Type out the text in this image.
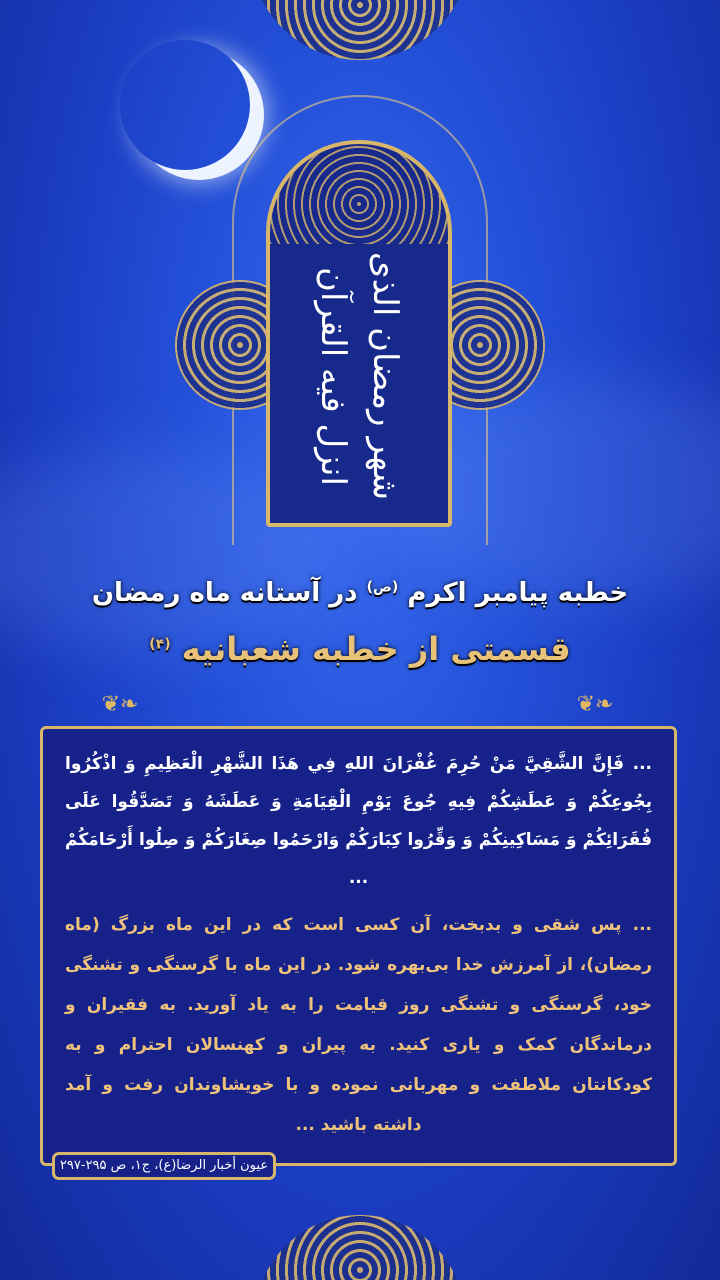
شهر رمضان الذی انزل فیه القرآن
خطبه پیامبر اکرم $^{(ص)}$ در آستانه ماه رمضان
قسمتی از خطبه شعبانیه $^{(۴)}$
❦❧	❦❧

... فَإِنَّ الشَّقِيَّ مَنْ حُرِمَ غُفْرَانَ اللهِ فِي هَذَا الشَّهْرِ الْعَظِيمِ وَ اذْكُرُوا بِجُوعِكُمْ وَ عَطَشِكُمْ فِيهِ جُوعَ يَوْمِ الْقِيَامَةِ وَ عَطَشَهُ وَ تَصَدَّقُوا عَلَى فُقَرَائِكُمْ وَ مَسَاكِينِكُمْ وَ وَقِّرُوا كِبَارَكُمْ وَارْحَمُوا صِغَارَكُمْ وَ صِلُوا أَرْحَامَكُمْ ...

... پس شقی و بدبخت، آن کسی است که در این ماه بزرگ (ماه رمضان)، از آمرزش خدا بی‌بهره شود. در این ماه با گرسنگی و تشنگی خود، گرسنگی و تشنگی روز قیامت را به یاد آورید. به فقیران و درماندگان کمک و یاری کنید. به پیران و کهنسالان احترام و به کودکانتان ملاطفت و مهربانی نموده و با خویشاوندان رفت و آمد داشته باشید ...

عیون أخبار الرضا(ع)، ج۱، ص ۲۹۵-۲۹۷
